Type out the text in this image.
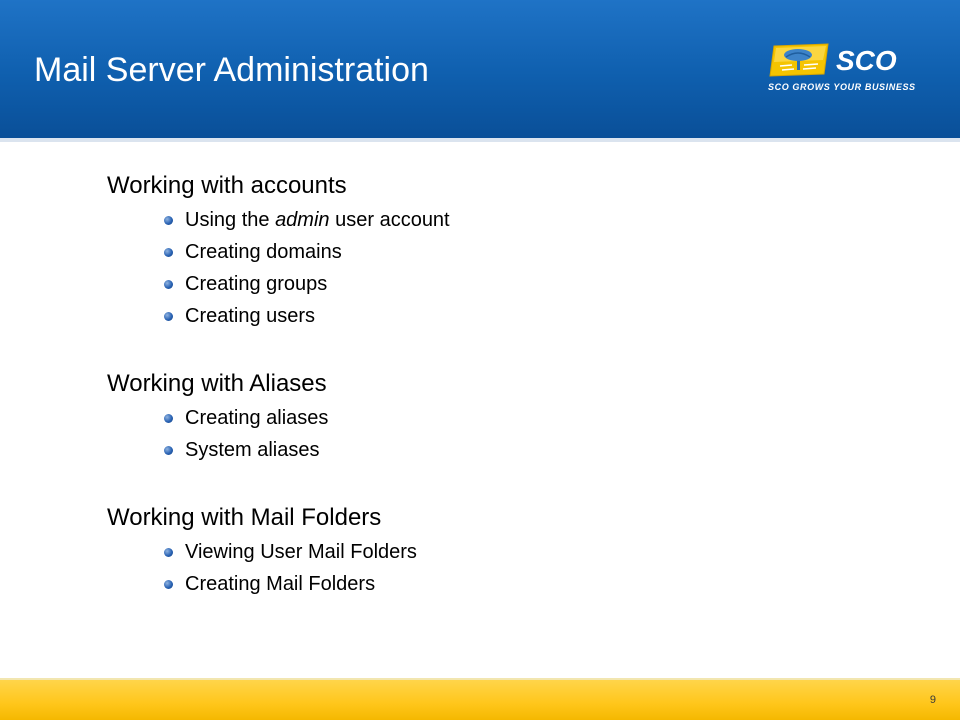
Mail Server Administration	SCO
SCO GROWS YOUR BUSINESS
Working with accounts
Using the admin user account
Creating domains
Creating groups
Creating users
Working with Aliases
Creating aliases
System aliases
Working with Mail Folders
Viewing User Mail Folders
Creating Mail Folders
9
